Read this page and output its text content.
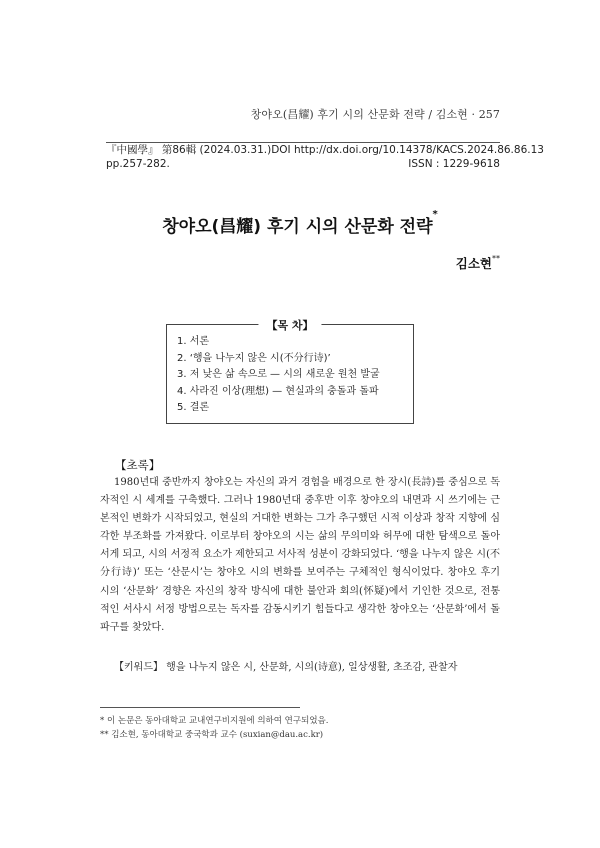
창야오(昌耀) 후기 시의 산문화 전략 / 김소현 · 257
『中國學』 第86輯 (2024.03.31.) DOI http://dx.doi.org/10.14378/KACS.2024.86.86.13
pp.257-282.	ISSN : 1229-9618
창야오(昌耀) 후기 시의 산문화 전략*
김소현**
【목 차】
1. 서론
2. ‘행을 나누지 않은 시(不分行诗)’
3. 저 낮은 삶 속으로 — 시의 새로운 원천 발굴
4. 사라진 이상(理想) — 현실과의 충돌과 돌파
5. 결론
【초록】
1980년대 중반까지 창야오는 자신의 과거 경험을 배경으로 한 장시(長詩)를 중심으로 독자적인 시 세계를 구축했다. 그러나 1980년대 중후반 이후 창야오의 내면과 시 쓰기에는 근본적인 변화가 시작되었고, 현실의 거대한 변화는 그가 추구했던 시적 이상과 창작 지향에 심각한 부조화를 가져왔다. 이로부터 창야오의 시는 삶의 무의미와 허무에 대한 탐색으로 돌아서게 되고, 시의 서정적 요소가 제한되고 서사적 성분이 강화되었다. ‘행을 나누지 않은 시(不分行诗)’ 또는 ‘산문시’는 창야오 시의 변화를 보여주는 구체적인 형식이었다. 창야오 후기 시의 ‘산문화’ 경향은 자신의 창작 방식에 대한 불안과 회의(怀疑)에서 기인한 것으로, 전통적인 서사시 서정 방법으로는 독자를 감동시키기 힘들다고 생각한 창야오는 ‘산문화’에서 돌파구를 찾았다.
【키워드】 행을 나누지 않은 시, 산문화, 시의(诗意), 일상생활, 초조감, 관찰자
* 이 논문은 동아대학교 교내연구비지원에 의하여 연구되었음.
** 김소현, 동아대학교 중국학과 교수 (suxian@dau.ac.kr)
